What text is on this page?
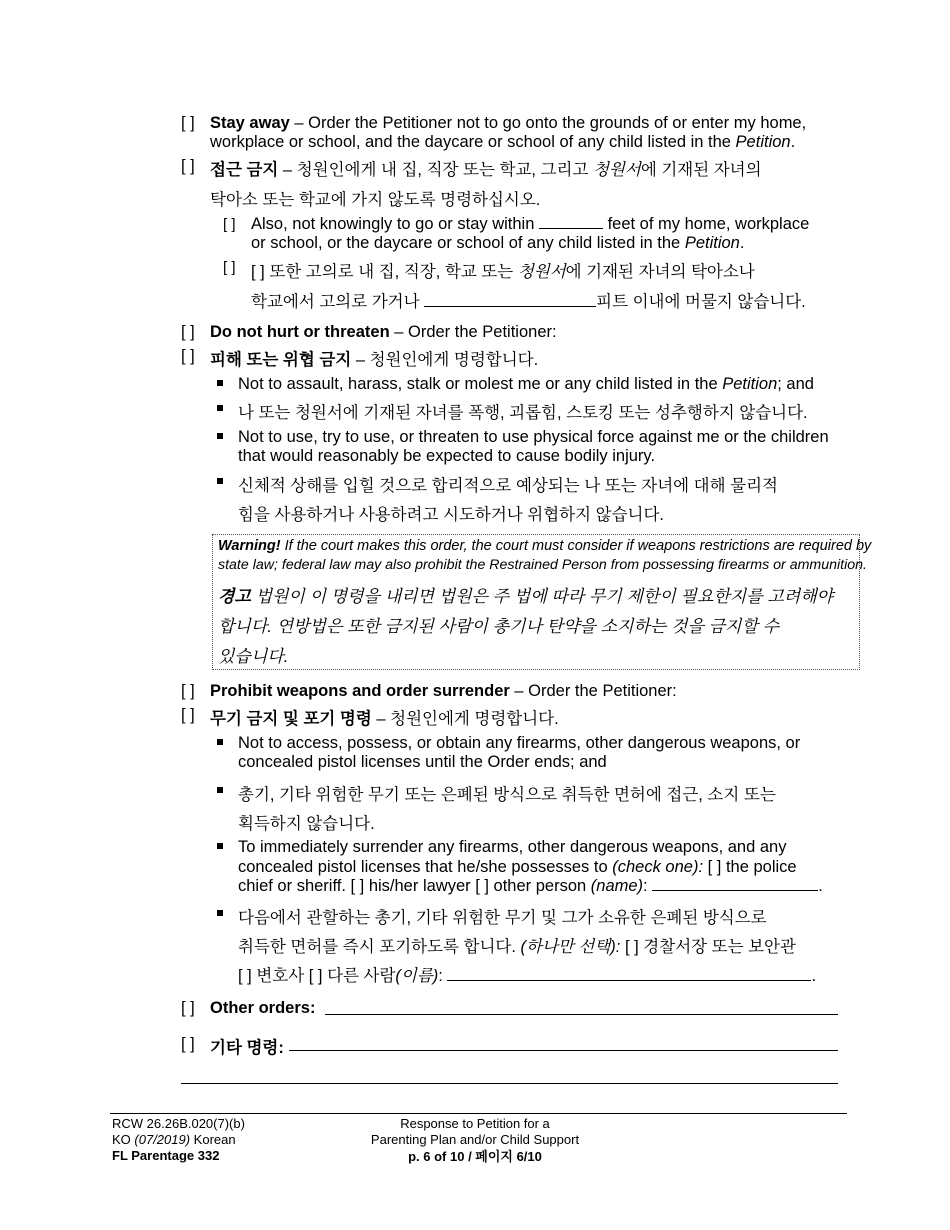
[ ] Stay away – Order the Petitioner not to go onto the grounds of or enter my home,
workplace or school, and the daycare or school of any child listed in the Petition.
[ ] 접근 금지 – 청원인에게 내 집, 직장 또는 학교, 그리고 청원서에 기재된 자녀의
탁아소 또는 학교에 가지 않도록 명령하십시오.
[ ] Also, not knowingly to go or stay within	feet of my home, workplace
or school, or the daycare or school of any child listed in the Petition.
[ ] [ ] 또한 고의로 내 집, 직장, 학교 또는 청원서에 기재된 자녀의 탁아소나
학교에서 고의로 가거나	피트 이내에 머물지 않습니다.
[ ] Do not hurt or threaten – Order the Petitioner:
[ ] 피해 또는 위협 금지 – 청원인에게 명령합니다.
Not to assault, harass, stalk or molest me or any child listed in the Petition; and
나 또는 청원서에 기재된 자녀를 폭행, 괴롭힘, 스토킹 또는 성추행하지 않습니다.
Not to use, try to use, or threaten to use physical force against me or the children
that would reasonably be expected to cause bodily injury.
신체적 상해를 입힐 것으로 합리적으로 예상되는 나 또는 자녀에 대해 물리적
힘을 사용하거나 사용하려고 시도하거나 위협하지 않습니다.
Warning! If the court makes this order, the court must consider if weapons restrictions are required by
state law; federal law may also prohibit the Restrained Person from possessing firearms or ammunition.
경고 법원이 이 명령을 내리면 법원은 주 법에 따라 무기 제한이 필요한지를 고려해야
합니다. 연방법은 또한 금지된 사람이 총기나 탄약을 소지하는 것을 금지할 수
있습니다.
[ ] Prohibit weapons and order surrender – Order the Petitioner:
[ ] 무기 금지 및 포기 명령 – 청원인에게 명령합니다.
Not to access, possess, or obtain any firearms, other dangerous weapons, or
concealed pistol licenses until the Order ends; and
총기, 기타 위험한 무기 또는 은폐된 방식으로 취득한 면허에 접근, 소지 또는
획득하지 않습니다.
To immediately surrender any firearms, other dangerous weapons, and any
concealed pistol licenses that he/she possesses to (check one): [ ] the police
chief or sheriff. [ ] his/her lawyer [ ] other person (name):	.
다음에서 관할하는 총기, 기타 위험한 무기 및 그가 소유한 은폐된 방식으로
취득한 면허를 즉시 포기하도록 합니다. (하나만 선택): [ ] 경찰서장 또는 보안관
[ ] 변호사 [ ] 다른 사람(이름):	.
[ ] Other orders:
[ ] 기타 명령:
RCW 26.26B.020(7)(b)
KO (07/2019) Korean
FL Parentage 332
Response to Petition for a
Parenting Plan and/or Child Support
p. 6 of 10 / 페이지 6/10
